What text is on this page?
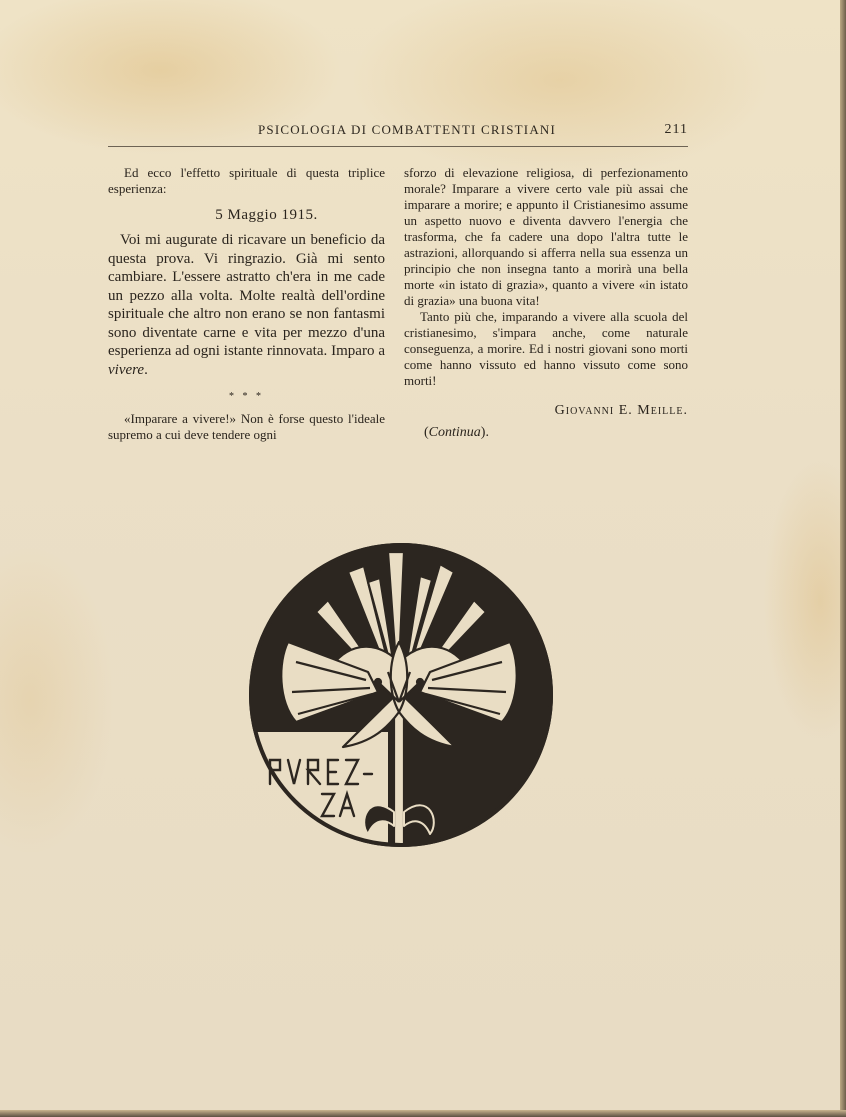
PSICOLOGIA DI COMBATTENTI CRISTIANI	211

Ed ecco l'effetto spirituale di questa triplice esperienza:

5 Maggio 1915.

Voi mi augurate di ricavare un beneficio da questa prova. Vi ringrazio. Già mi sento cambiare. L'essere astratto ch'era in me cade un pezzo alla volta. Molte realtà dell'ordine spirituale che altro non erano se non fantasmi sono diventate carne e vita per mezzo d'una esperienza ad ogni istante rinnovata. Imparo a vivere.

* * *

«Imparare a vivere!» Non è forse questo l'ideale supremo a cui deve tendere ogni

sforzo di elevazione religiosa, di perfezionamento morale? Imparare a vivere certo vale più assai che imparare a morire; e appunto il Cristianesimo assume un aspetto nuovo e diventa davvero l'energia che trasforma, che fa cadere una dopo l'altra tutte le astrazioni, allorquando si afferra nella sua essenza un principio che non insegna tanto a morirà una bella morte «in istato di grazia», quanto a vivere «in istato di grazia» una buona vita!

Tanto più che, imparando a vivere alla scuola del cristianesimo, s'impara anche, come naturale conseguenza, a morire. Ed i nostri giovani sono morti come hanno vissuto ed hanno vissuto come sono morti!

Giovanni E. Meille.

(Continua).
